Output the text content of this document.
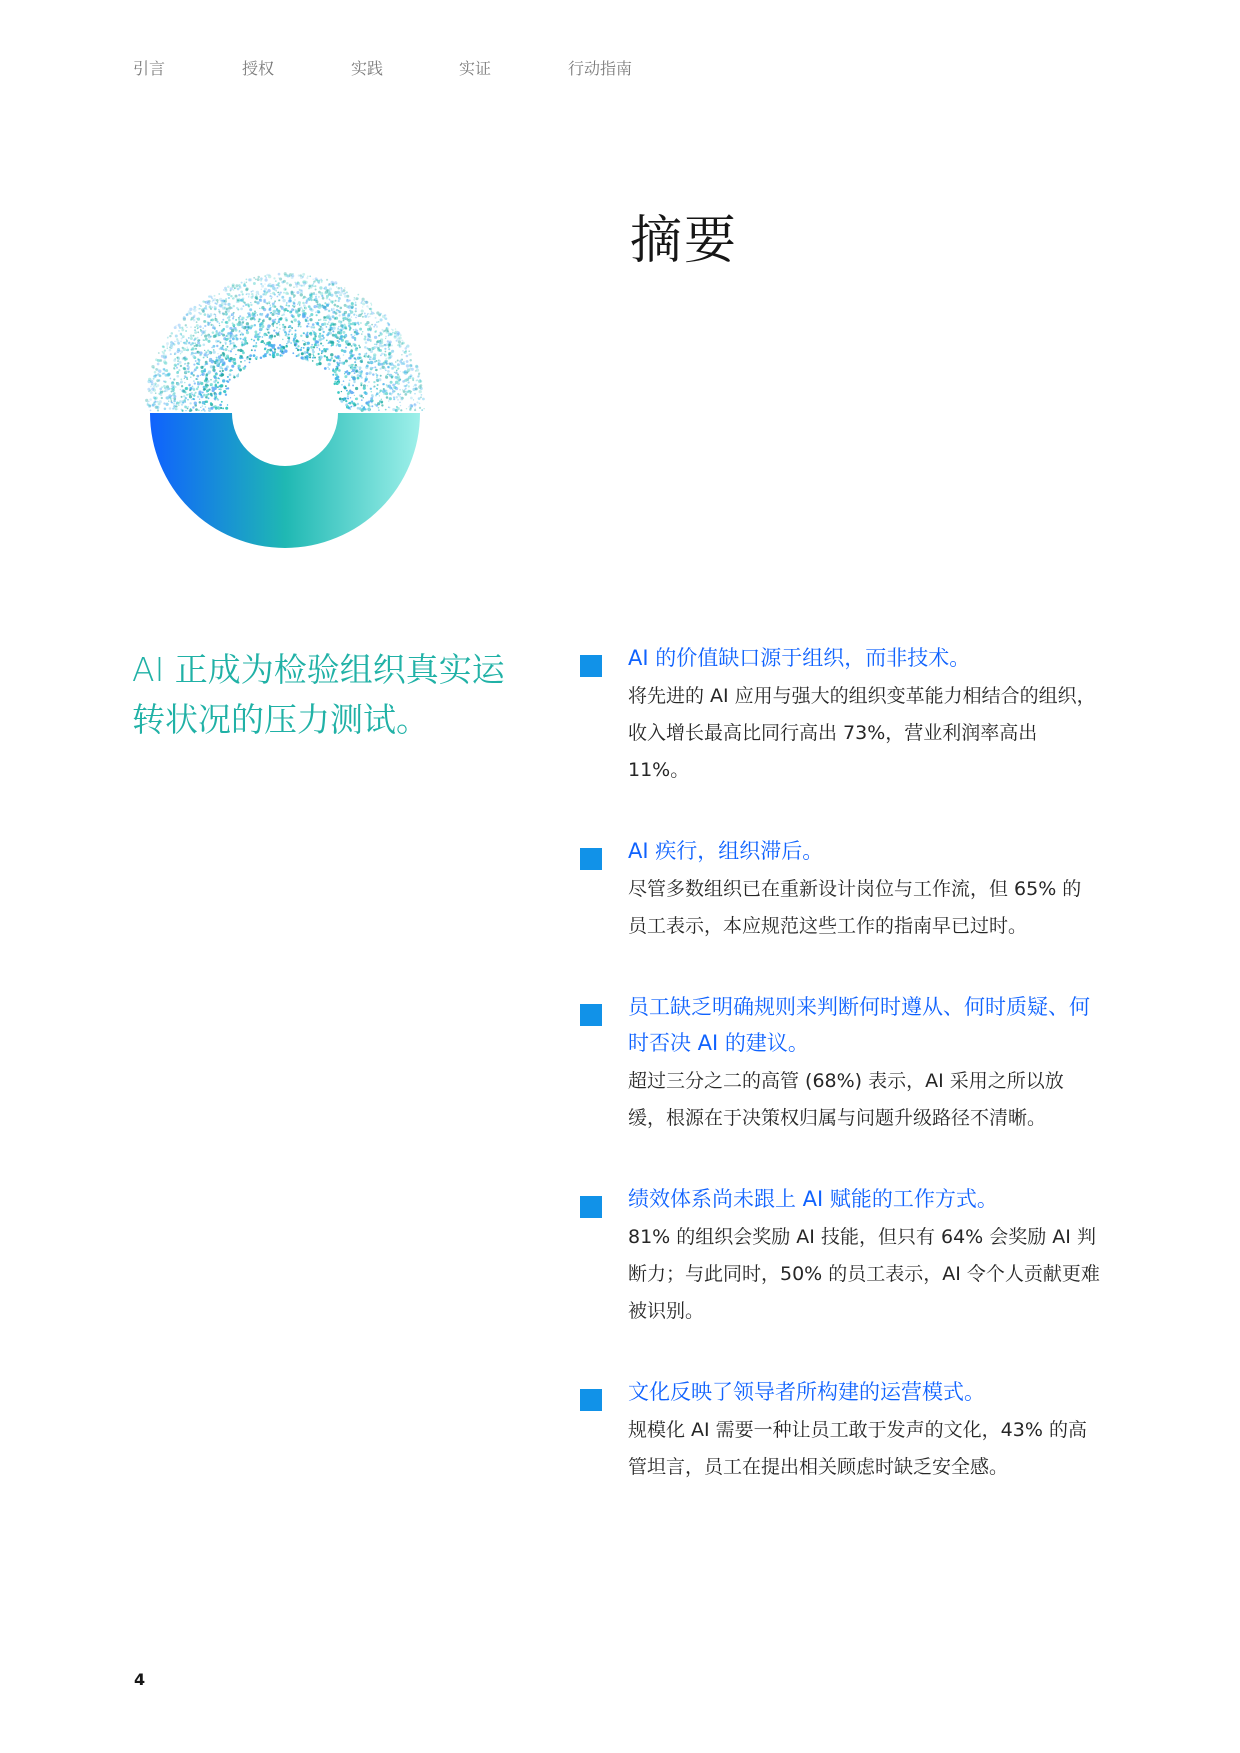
引言	授权	实践	实证	行动指南
摘要
AI 正成为检验组织真实运转状况的压力测试。
AI 的价值缺口源于组织，而非技术。
将先进的 AI 应用与强大的组织变革能力相结合的组织，收入增长最高比同行高出 73%，营业利润率高出 11%。
AI 疾行，组织滞后。
尽管多数组织已在重新设计岗位与工作流，但 65% 的员工表示，本应规范这些工作的指南早已过时。
员工缺乏明确规则来判断何时遵从、何时质疑、何时否决 AI 的建议。
超过三分之二的高管 (68%) 表示，AI 采用之所以放缓，根源在于决策权归属与问题升级路径不清晰。
绩效体系尚未跟上 AI 赋能的工作方式。
81% 的组织会奖励 AI 技能，但只有 64% 会奖励 AI 判断力；与此同时，50% 的员工表示，AI 令个人贡献更难被识别。
文化反映了领导者所构建的运营模式。
规模化 AI 需要一种让员工敢于发声的文化，43% 的高管坦言，员工在提出相关顾虑时缺乏安全感。
4
